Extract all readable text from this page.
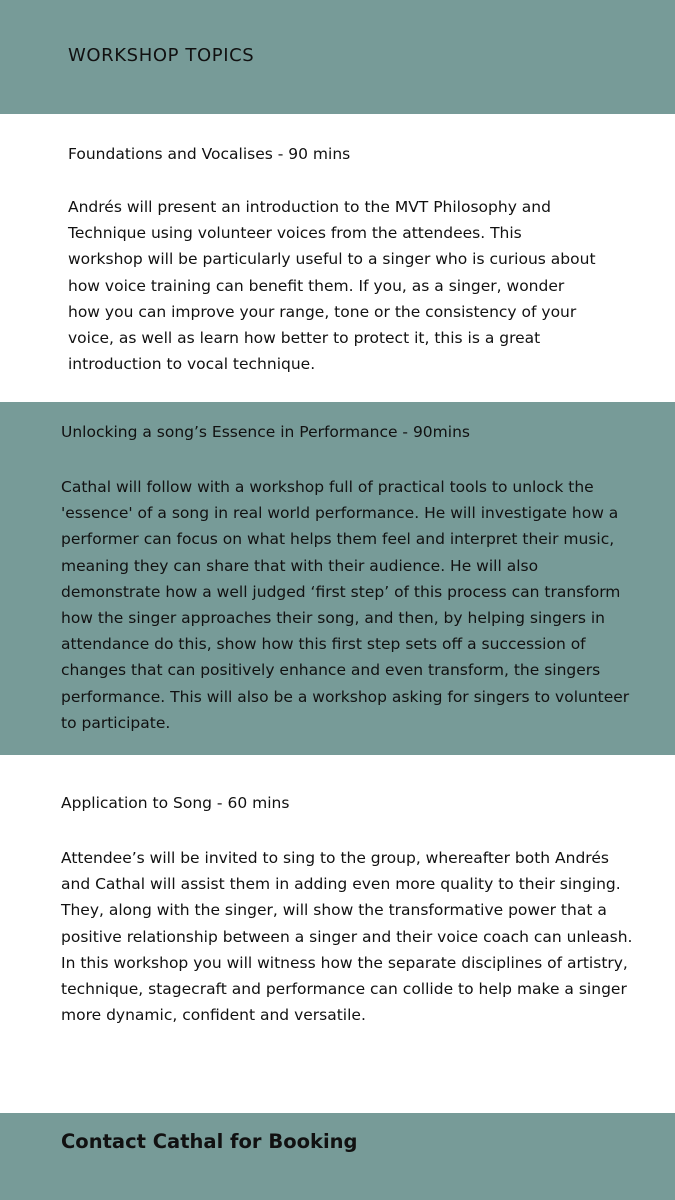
WORKSHOP TOPICS
Foundations and Vocalises - 90 mins

Andrés will present an introduction to the MVT Philosophy and Technique using volunteer voices from the attendees. This workshop will be particularly useful to a singer who is curious about how voice training can benefit them. If you, as a singer, wonder how you can improve your range, tone or the consistency of your voice, as well as learn how better to protect it, this is a great introduction to vocal technique.

Unlocking a song’s Essence in Performance - 90mins

Cathal will follow with a workshop full of practical tools to unlock the 'essence' of a song in real world performance. He will investigate how a performer can focus on what helps them feel and interpret their music, meaning they can share that with their audience. He will also demonstrate how a well judged ‘first step’ of this process can transform how the singer approaches their song, and then, by helping singers in attendance do this, show how this first step sets off a succession of changes that can positively enhance and even transform, the singers performance. This will also be a workshop asking for singers to volunteer to participate.

Application to Song - 60 mins

Attendee’s will be invited to sing to the group, whereafter both Andrés and Cathal will assist them in adding even more quality to their singing. They, along with the singer, will show the transformative power that a positive relationship between a singer and their voice coach can unleash. In this workshop you will witness how the separate disciplines of artistry, technique, stagecraft and performance can collide to help make a singer more dynamic, confident and versatile.

Contact Cathal for Booking
